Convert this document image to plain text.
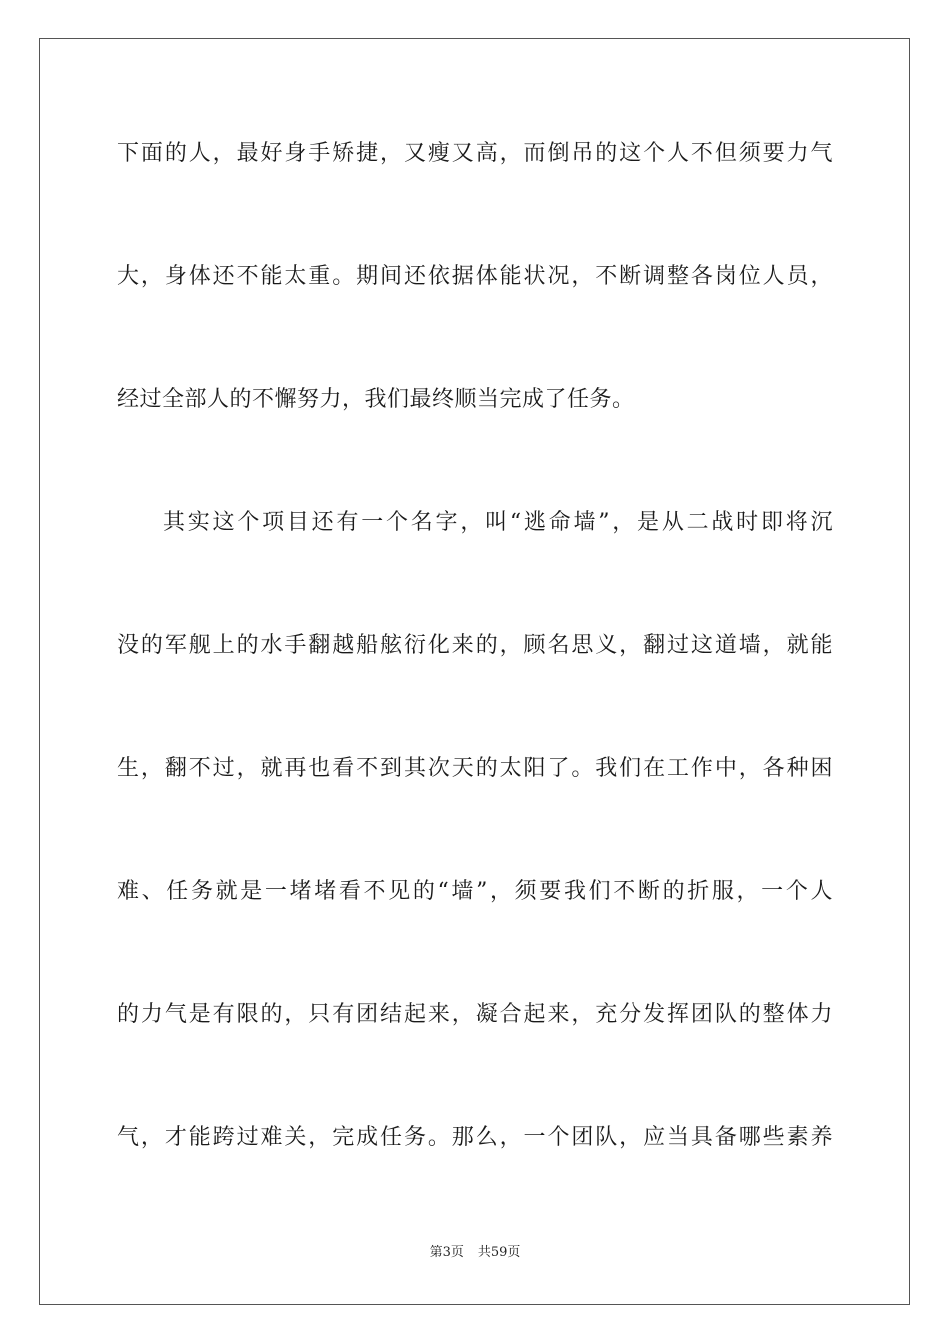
下面的人，最好身手矫捷，又瘦又高，而倒吊的这个人不但须要力气
大，身体还不能太重。期间还依据体能状况，不断调整各岗位人员，
经过全部人的不懈努力，我们最终顺当完成了任务。
其实这个项目还有一个名字，叫“逃命墙”，是从二战时即将沉
没的军舰上的水手翻越船舷衍化来的，顾名思义，翻过这道墙，就能
生，翻不过，就再也看不到其次天的太阳了。我们在工作中，各种困
难、任务就是一堵堵看不见的“墙”，须要我们不断的折服，一个人
的力气是有限的，只有团结起来，凝合起来，充分发挥团队的整体力
气，才能跨过难关，完成任务。那么，一个团队，应当具备哪些素养
第3页 共59页
